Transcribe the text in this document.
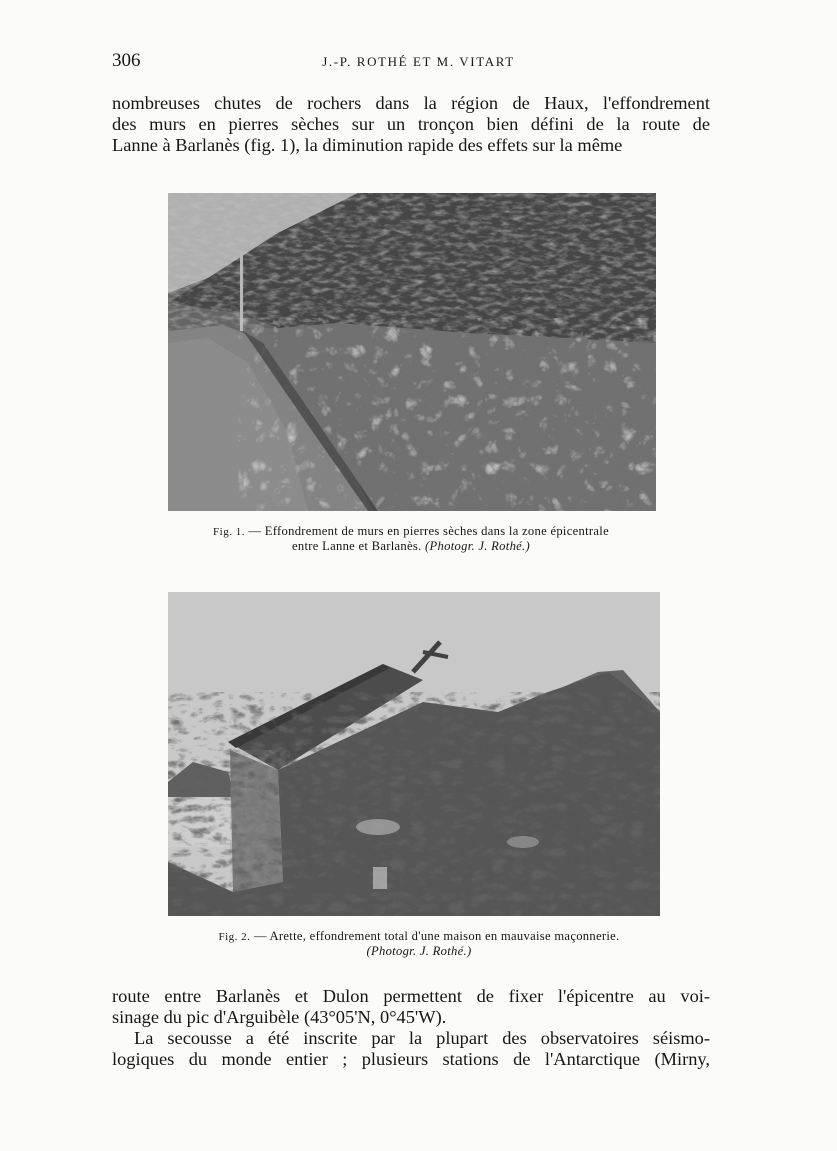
306	J.-P. ROTHÉ ET M. VITART
nombreuses chutes de rochers dans la région de Haux, l'effondrement
des murs en pierres sèches sur un tronçon bien défini de la route de
Lanne à Barlanès (fig. 1), la diminution rapide des effets sur la même
Fig. 1. — Effondrement de murs en pierres sèches dans la zone épicentrale
entre Lanne et Barlanès. (Photogr. J. Rothé.)
Fig. 2. — Arette, effondrement total d'une maison en mauvaise maçonnerie.
(Photogr. J. Rothé.)
route entre Barlanès et Dulon permettent de fixer l'épicentre au voi-
sinage du pic d'Arguibèle (43°05'N, 0°45'W).
La secousse a été inscrite par la plupart des observatoires séismo-
logiques du monde entier ; plusieurs stations de l'Antarctique (Mirny,
